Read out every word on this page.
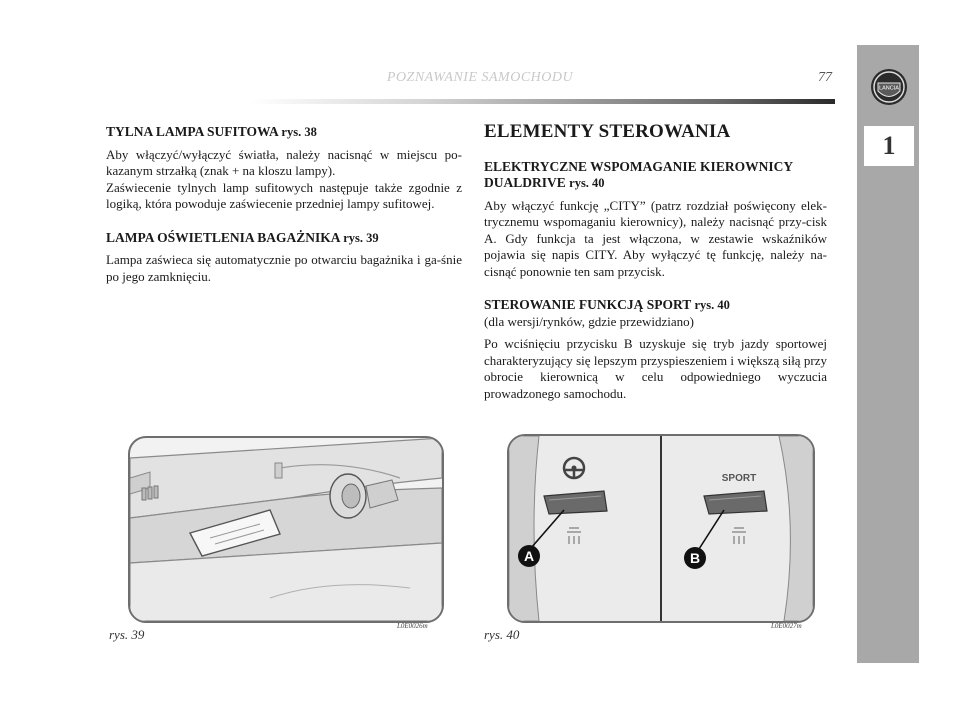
POZNAWANIE SAMOCHODU	77
LANCIA
1
TYLNA LAMPA SUFITOWA rys. 38

Aby włączyć/wyłączyć światła, należy nacisnąć w miejscu po-kazanym strzałką (znak + na kloszu lampy).

Zaświecenie tylnych lamp sufitowych następuje także zgodnie z logiką, która powoduje zaświecenie przedniej lampy sufitowej.

LAMPA OŚWIETLENIA BAGAŻNIKA rys. 39

Lampa zaświeca się automatycznie po otwarciu bagażnika i ga-śnie po jego zamknięciu.

ELEMENTY STEROWANIA
ELEKTRYCZNE WSPOMAGANIE KIEROWNICY DUALDRIVE rys. 40

Aby włączyć funkcję „CITY” (patrz rozdział poświęcony elek-trycznemu wspomaganiu kierownicy), należy nacisnąć przy-cisk A. Gdy funkcja ta jest włączona, w zestawie wskaźników pojawia się napis CITY. Aby wyłączyć tę funkcję, należy na-cisnąć ponownie ten sam przycisk.

STEROWANIE FUNKCJĄ SPORT rys. 40
(dla wersji/rynków, gdzie przewidziano)

Po wciśnięciu przycisku B uzyskuje się tryb jazdy sportowej charakteryzujący się lepszym przyspieszeniem i większą siłą przy obrocie kierownicą w celu odpowiedniego wyczucia prowadzonego samochodu.

rys. 39
L0E0026m
SPORT
A	B
rys. 40
L0E0027m
